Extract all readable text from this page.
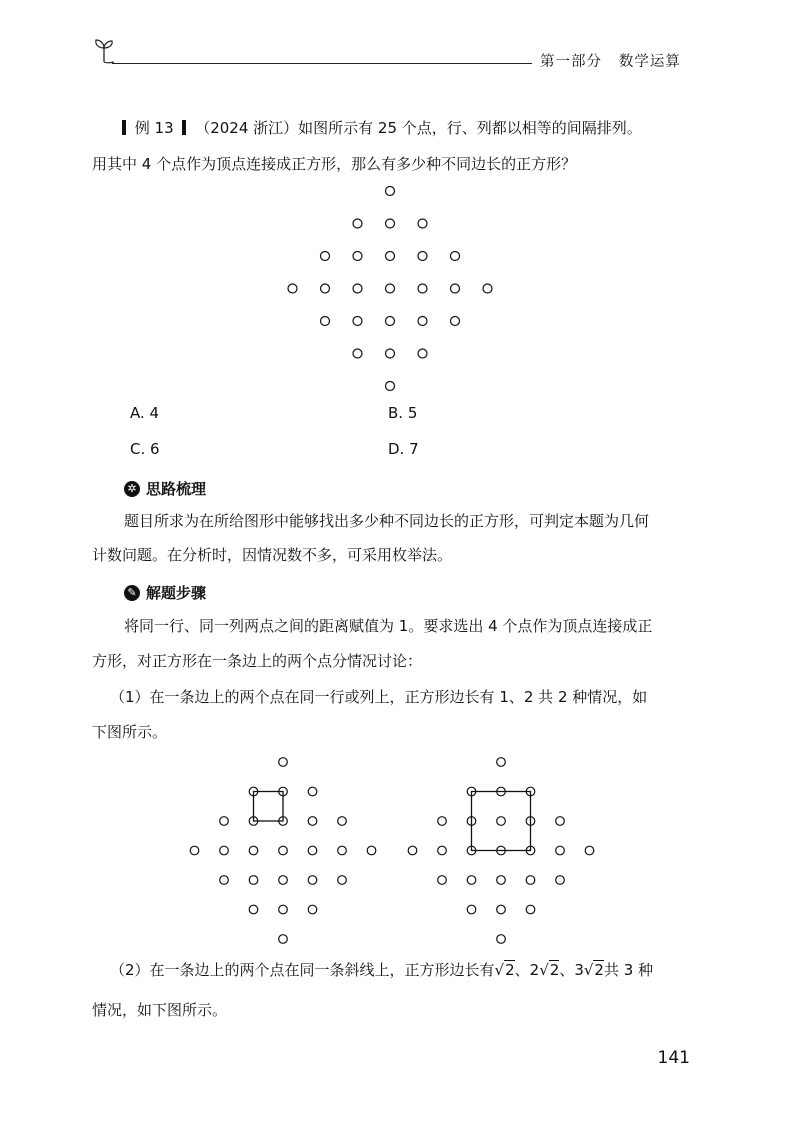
第一部分 数学运算
例 13 （2024 浙江）如图所示有 25 个点，行、列都以相等的间隔排列。
用其中 4 个点作为顶点连接成正方形，那么有多少种不同边长的正方形？
A. 4	B. 5
C. 6	D. 7
✲ 思路梳理
题目所求为在所给图形中能够找出多少种不同边长的正方形，可判定本题为几何
计数问题。在分析时，因情况数不多，可采用枚举法。
✎ 解题步骤
将同一行、同一列两点之间的距离赋值为 1。要求选出 4 个点作为顶点连接成正
方形，对正方形在一条边上的两个点分情况讨论：
（1）在一条边上的两个点在同一行或列上，正方形边长有 1、2 共 2 种情况，如
下图所示。
（2）在一条边上的两个点在同一条斜线上，正方形边长有√2、2√2、3√2共 3 种
情况，如下图所示。
141
